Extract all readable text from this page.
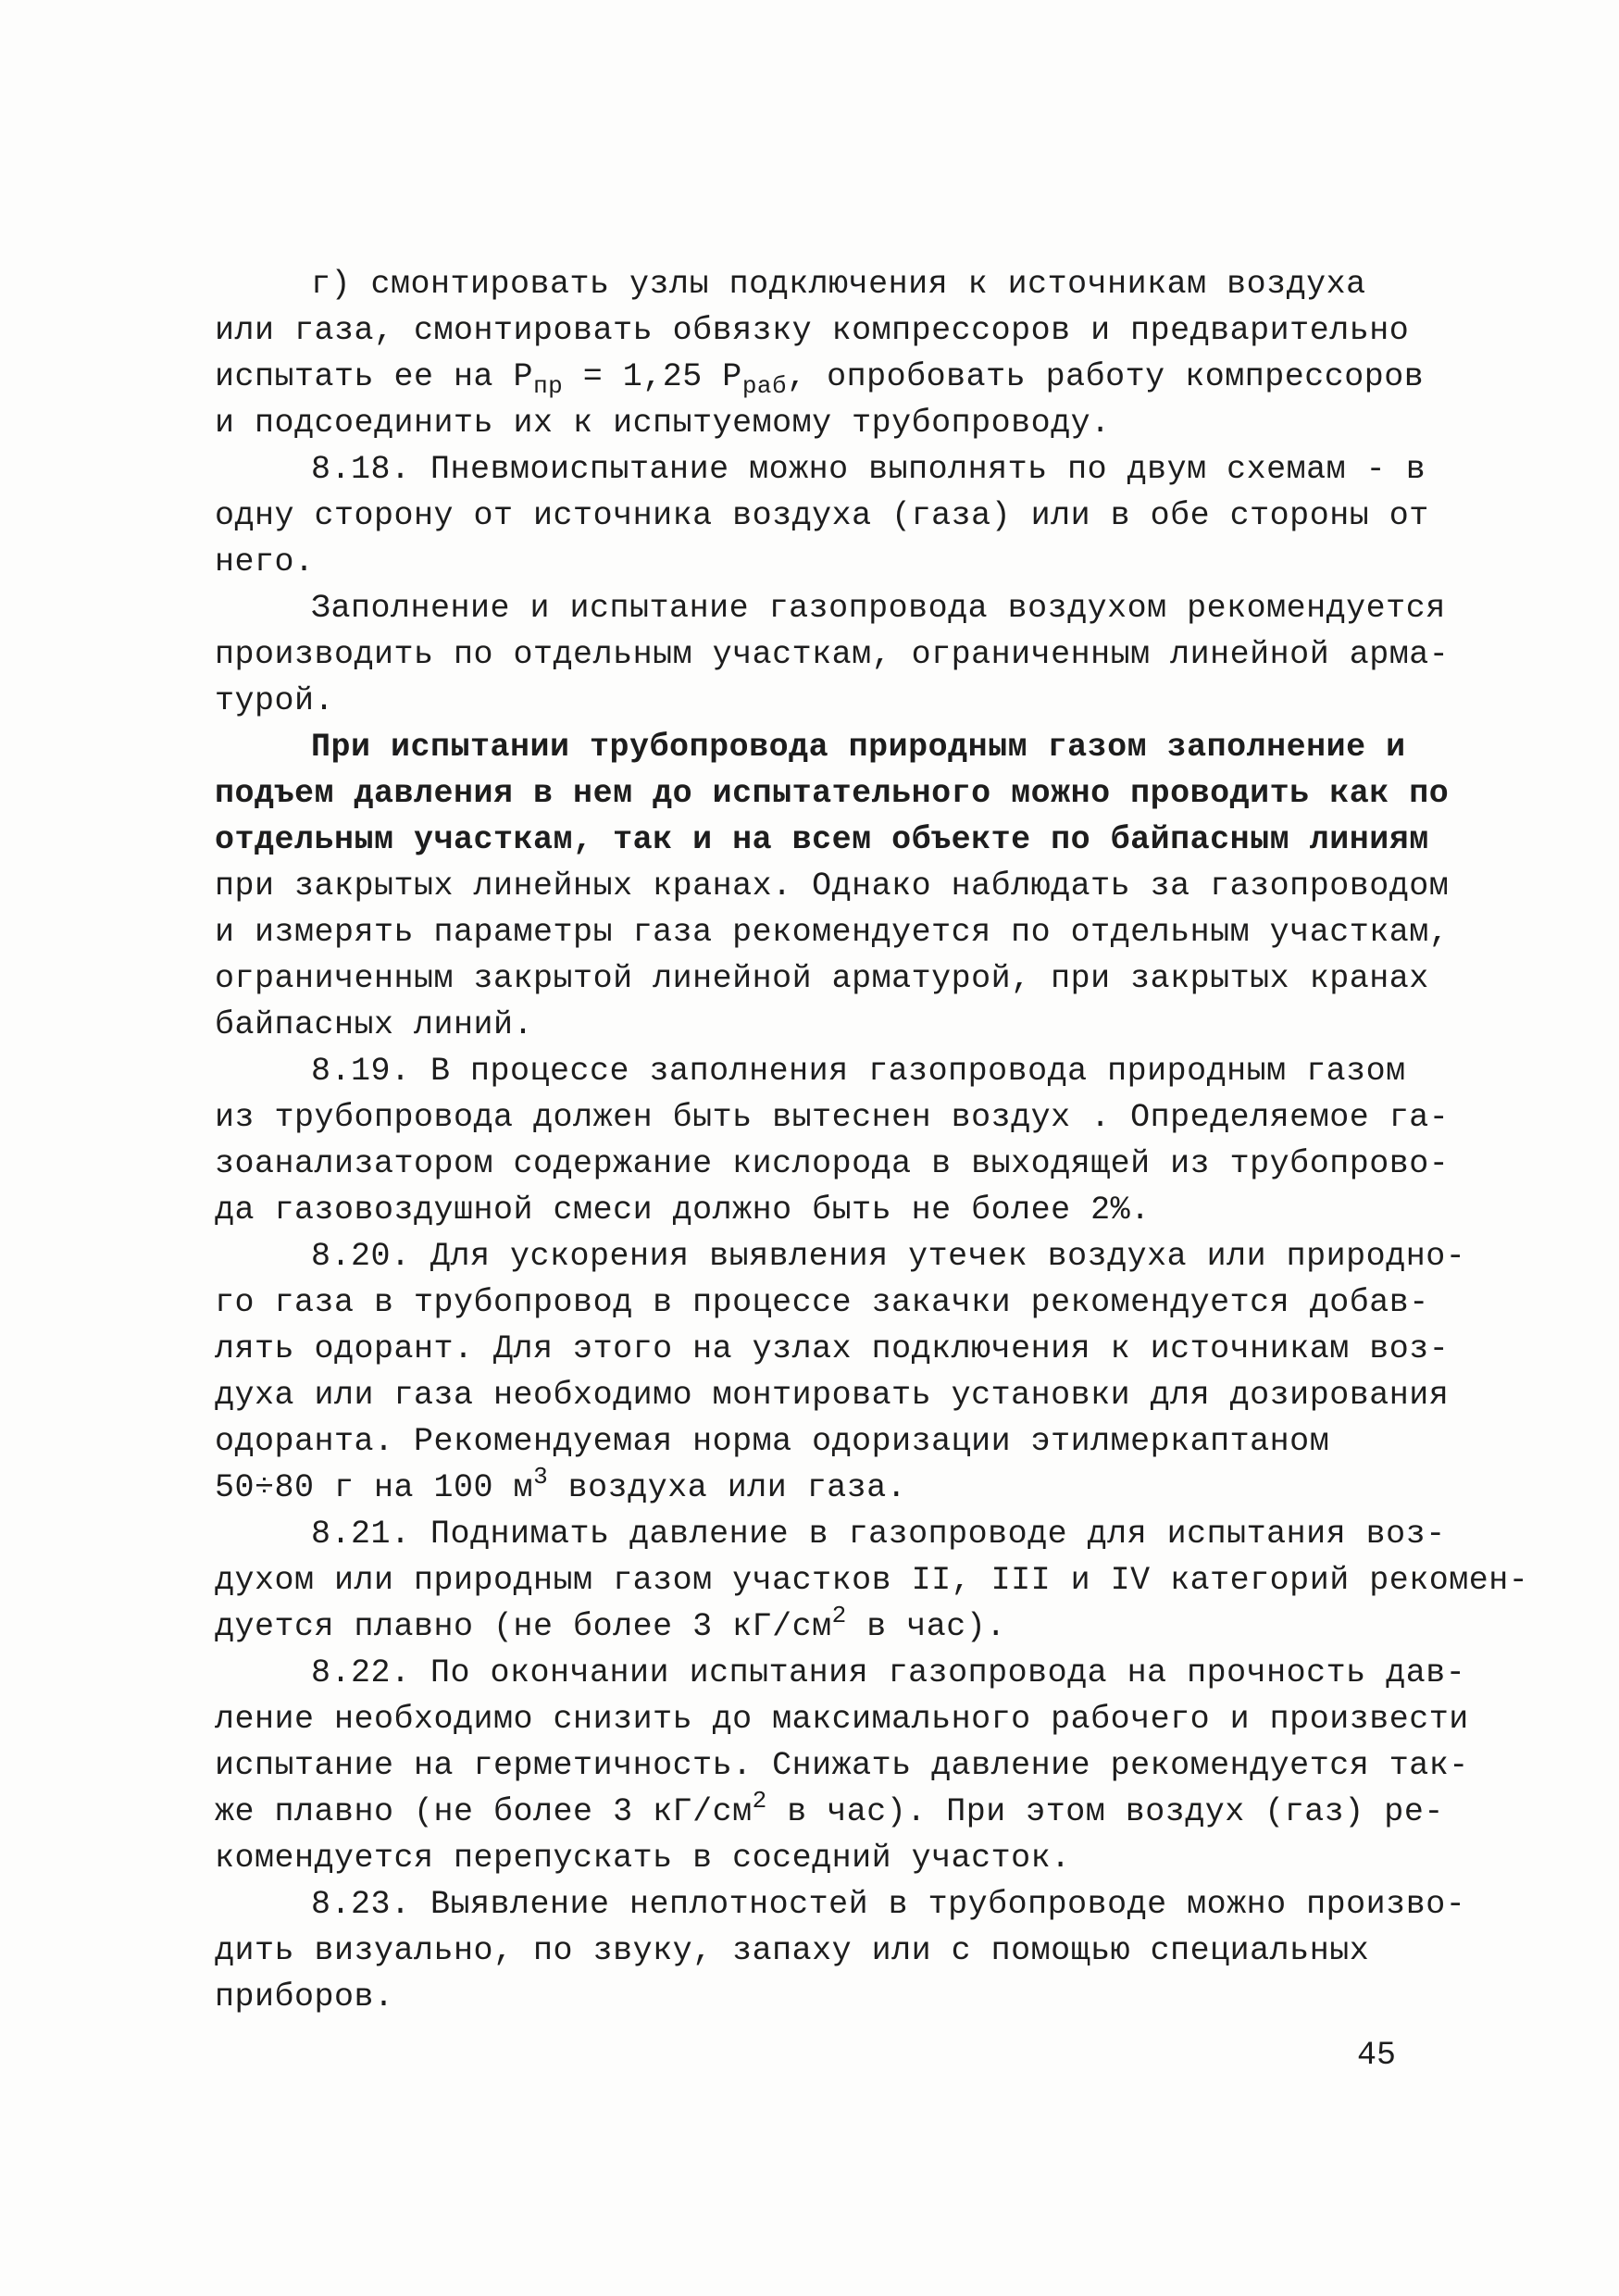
г) смонтировать узлы подключения к источникам воздуха
или газа, смонтировать обвязку компрессоров и предварительно
испытать ее на $Р_{пр} = 1,25$ $Р_{раб}$, опробовать работу компрессоров
и подсоединить их к испытуемому трубопроводу.
8.18. Пневмоиспытание можно выполнять по двум схемам - в
одну сторону от источника воздуха (газа) или в обе стороны от
него.
Заполнение и испытание газопровода воздухом рекомендуется
производить по отдельным участкам, ограниченным линейной арма-
турой.
При испытании трубопровода природным газом заполнение и
подъем давления в нем до испытательного можно проводить как по
отдельным участкам, так и на всем объекте по байпасным линиям
при закрытых линейных кранах. Однако наблюдать за газопроводом
и измерять параметры газа рекомендуется по отдельным участкам,
ограниченным закрытой линейной арматурой, при закрытых кранах
байпасных линий.
8.19. В процессе заполнения газопровода природным газом
из трубопровода должен быть вытеснен воздух . Определяемое га-
зоанализатором содержание кислорода в выходящей из трубопрово-
да газовоздушной смеси должно быть не более 2%.
8.20. Для ускорения выявления утечек воздуха или природно-
го газа в трубопровод в процессе закачки рекомендуется добав-
лять одорант. Для этого на узлах подключения к источникам воз-
духа или газа необходимо монтировать установки для дозирования
одоранта. Рекомендуемая норма одоризации этилмеркаптаном
50÷80 г на 100 $м^3$ воздуха или газа.
8.21. Поднимать давление в газопроводе для испытания воз-
духом или природным газом участков II, III и IV категорий рекомен-
дуется плавно (не более 3 $кГ/см^2$ в час).
8.22. По окончании испытания газопровода на прочность дав-
ление необходимо снизить до максимального рабочего и произвести
испытание на герметичность. Снижать давление рекомендуется так-
же плавно (не более 3 $кГ/см^2$ в час). При этом воздух (газ) ре-
комендуется перепускать в соседний участок.
8.23. Выявление неплотностей в трубопроводе можно произво-
дить визуально, по звуку, запаху или с помощью специальных
приборов.
45
